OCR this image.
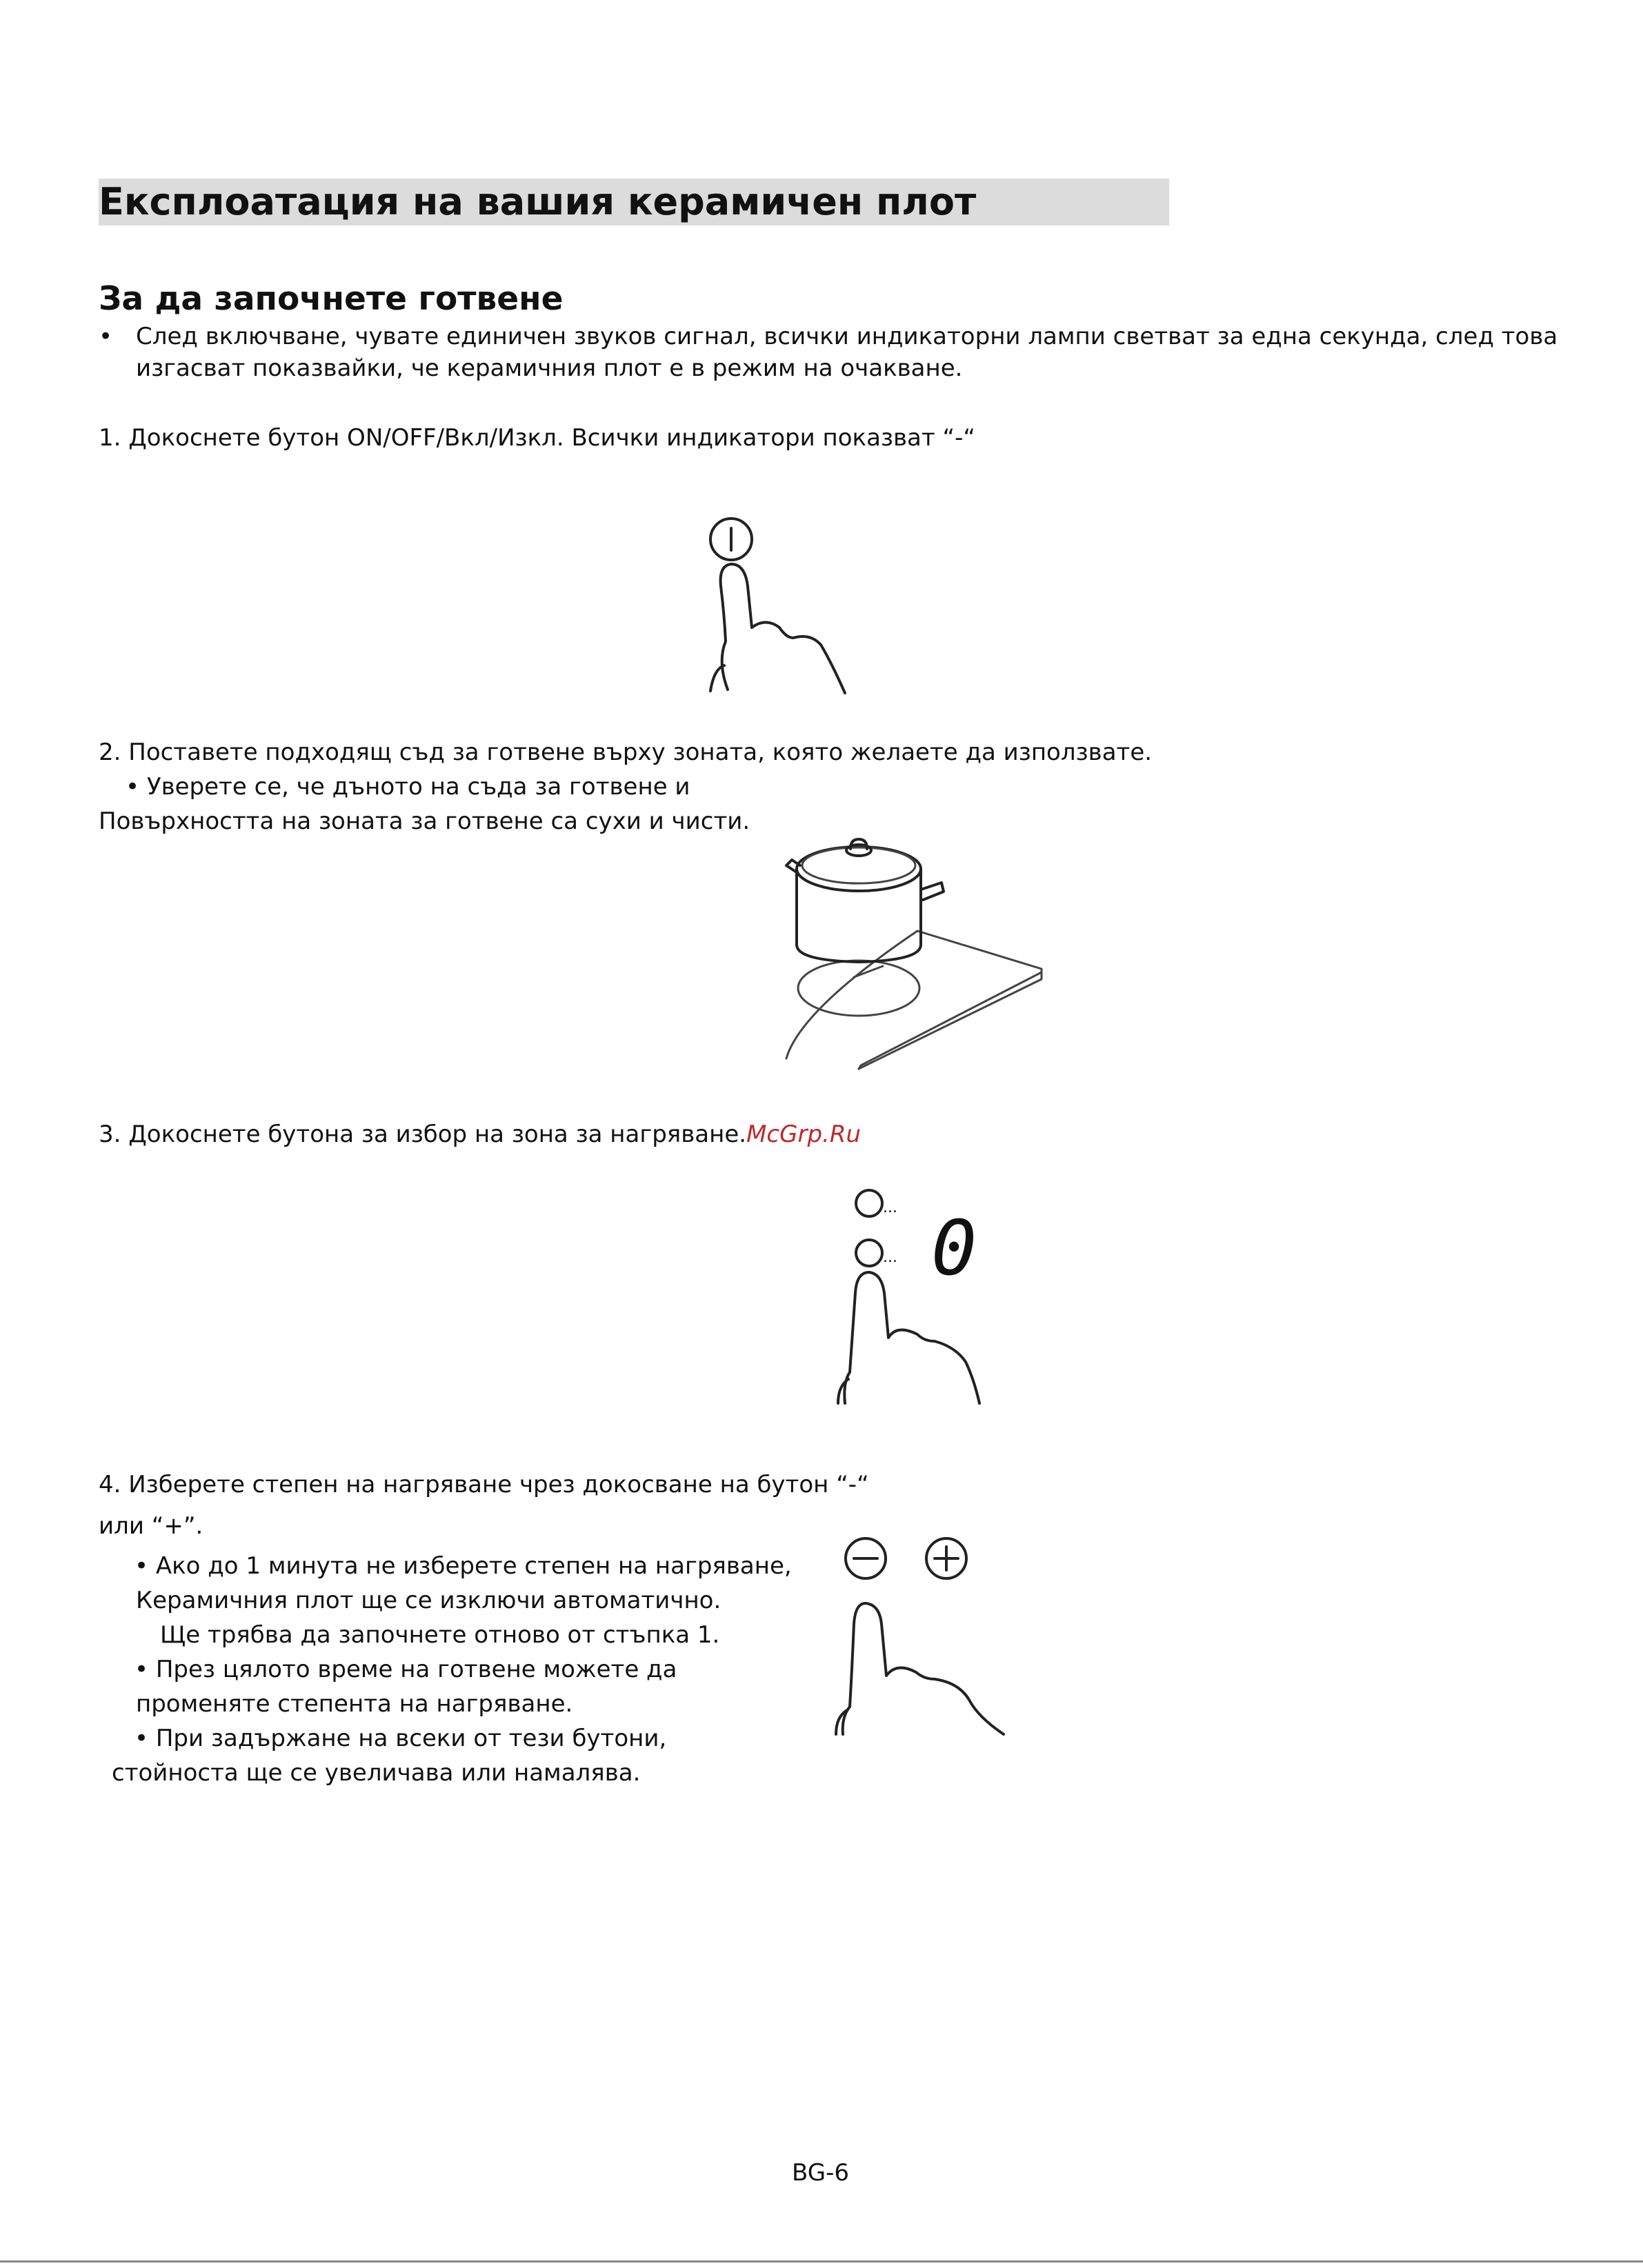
Експлоатация на вашия керамичен плот
За да започнете готвене
• След включване, чувате единичен звуков сигнал, всички индикаторни лампи светват за една секунда, след това
изгасват показвайки, че керамичния плот е в режим на очакване.
1. Докоснете бутон ON/OFF/Вкл/Изкл. Всички индикатори показват “-“
2. Поставете подходящ съд за готвене върху зоната, която желаете да използвате.
• Уверете се, че дъното на съда за готвене и
Повърхността на зоната за готвене са сухи и чисти.
3. Докоснете бутона за избор на зона за нагряване.McGrp.Ru
...
... 0
4. Изберете степен на нагряване чрез докосване на бутон “-“
или “+”.
• Ако до 1 минута не изберете степен на нагряване,
Керамичния плот ще се изключи автоматично.
Ще трябва да започнете отново от стъпка 1.
• През цялото време на готвене можете да
променяте степента на нагряване.
• При задържане на всеки от тези бутони,
стойноста ще се увеличава или намалява.
BG-6
